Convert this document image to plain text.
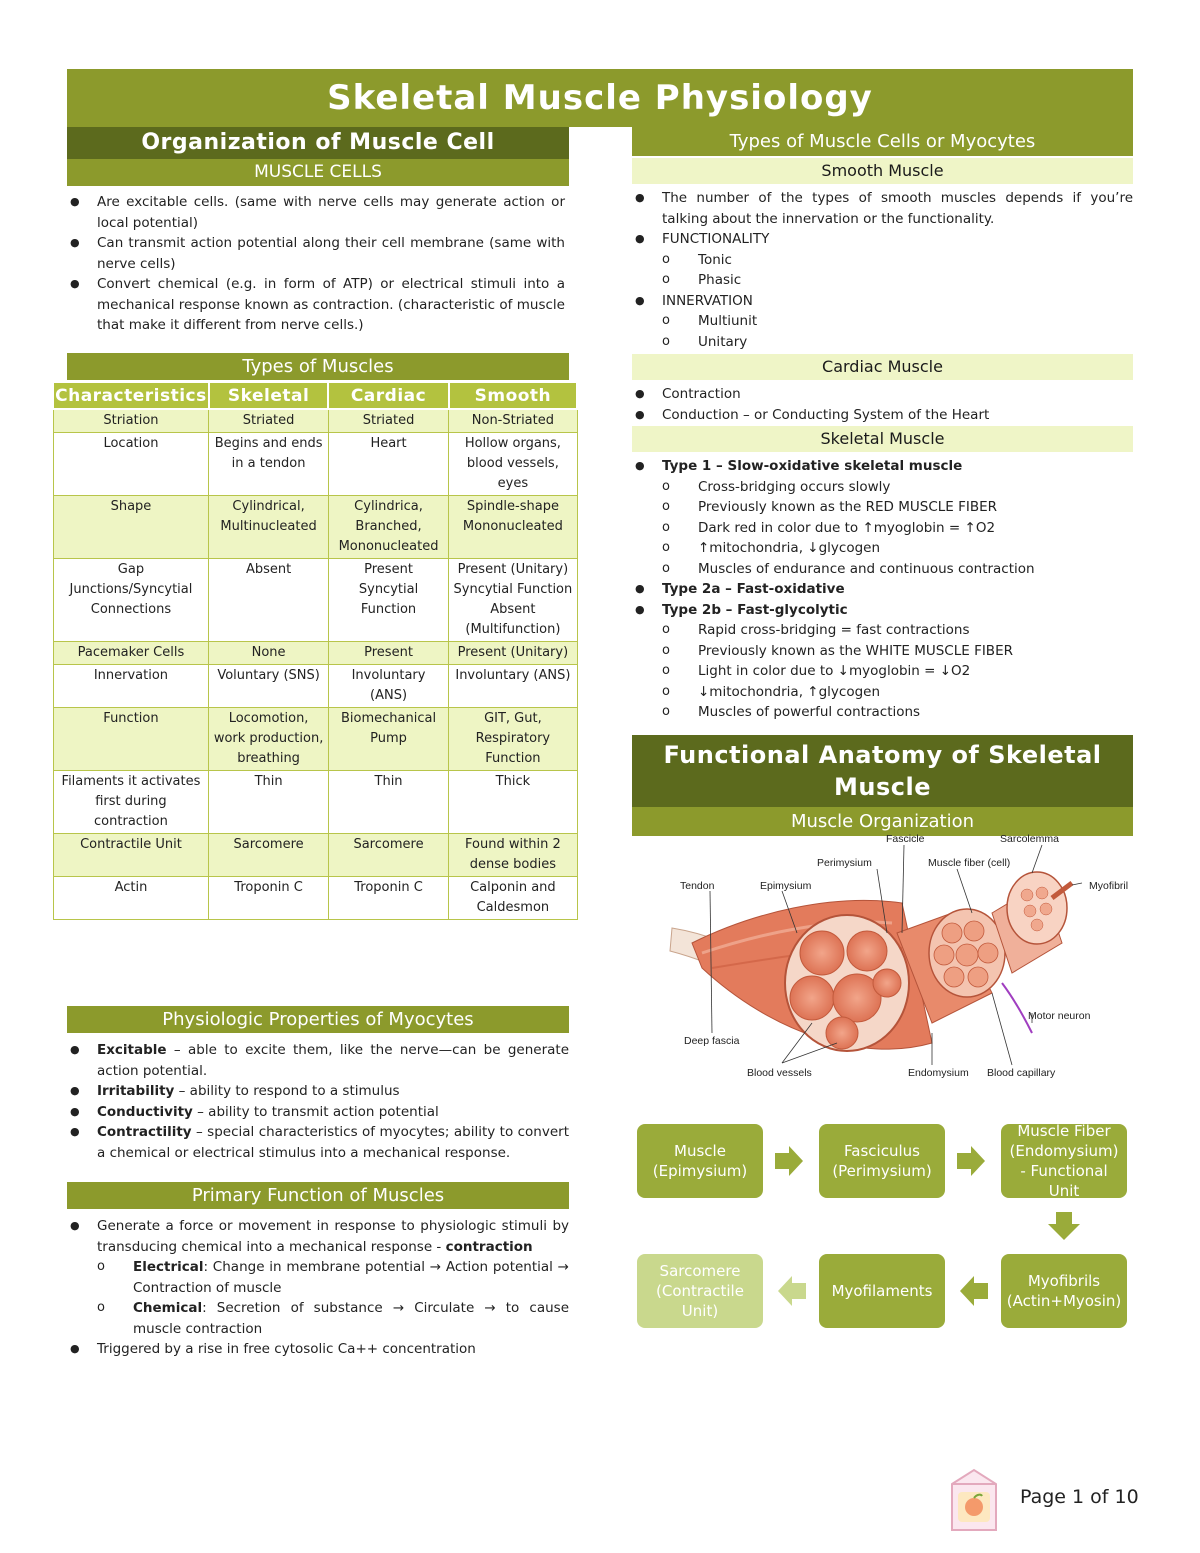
Skeletal Muscle Physiology
Organization of Muscle Cell
MUSCLE CELLS
● Are excitable cells. (same with nerve cells may generate action or local potential)
● Can transmit action potential along their cell membrane (same with nerve cells)
● Convert chemical (e.g. in form of ATP) or electrical stimuli into a mechanical response known as contraction. (characteristic of muscle that make it different from nerve cells.)
Types of Muscles
Characteristics	Skeletal	Cardiac	Smooth
Striation	Striated	Striated	Non-Striated
Location	Begins and ends in a tendon	Heart	Hollow organs, blood vessels, eyes
Shape	Cylindrical, Multinucleated	Cylindrica, Branched, Mononucleated	Spindle-shape Mononucleated
Gap Junctions/Syncytial Connections	Absent	Present Syncytial Function	Present (Unitary) Syncytial Function Absent (Multifunction)
Pacemaker Cells	None	Present	Present (Unitary)
Innervation	Voluntary (SNS)	Involuntary (ANS)	Involuntary (ANS)
Function	Locomotion, work production, breathing	Biomechanical Pump	GIT, Gut, Respiratory Function
Filaments it activates first during contraction	Thin	Thin	Thick
Contractile Unit	Sarcomere	Sarcomere	Found within 2 dense bodies
Actin	Troponin C	Troponin C	Calponin and Caldesmon
Physiologic Properties of Myocytes
● Excitable – able to excite them, like the nerve—can be generate action potential.
● Irritability – ability to respond to a stimulus
● Conductivity – ability to transmit action potential
● Contractility – special characteristics of myocytes; ability to convert a chemical or electrical stimulus into a mechanical response.
Primary Function of Muscles
● Generate a force or movement in response to physiologic stimuli by transducing chemical into a mechanical response - contraction
o Electrical: Change in membrane potential → Action potential → Contraction of muscle
o Chemical: Secretion of substance → Circulate → to cause muscle contraction
● Triggered by a rise in free cytosolic Ca++ concentration
Types of Muscle Cells or Myocytes
Smooth Muscle
● The number of the types of smooth muscles depends if you’re talking about the innervation or the functionality.
● FUNCTIONALITY
o Tonic
o Phasic
● INNERVATION
o Multiunit
o Unitary
Cardiac Muscle
● Contraction
● Conduction – or Conducting System of the Heart
Skeletal Muscle
● Type 1 – Slow-oxidative skeletal muscle
o Cross-bridging occurs slowly
o Previously known as the RED MUSCLE FIBER
o Dark red in color due to ↑myoglobin = ↑O2
o ↑mitochondria, ↓glycogen
o Muscles of endurance and continuous contraction
● Type 2a – Fast-oxidative
● Type 2b – Fast-glycolytic
o Rapid cross-bridging = fast contractions
o Previously known as the WHITE MUSCLE FIBER
o Light in color due to ↓myoglobin = ↓O2
o ↓mitochondria, ↑glycogen
o Muscles of powerful contractions
Functional Anatomy of Skeletal Muscle
Muscle Organization
Fascicle	Sarcolemma
Perimysium	Muscle fiber (cell)
Tendon	Epimysium	Myofibril
Motor neuron
Deep fascia
Blood vessels	Endomysium Blood capillary
Muscle (Epimysium)
Fasciculus (Perimysium)
Muscle Fiber (Endomysium) - Functional Unit
Myofibrils (Actin+Myosin)
Myofilaments
Sarcomere (Contractile Unit)
Page 1 of 10
